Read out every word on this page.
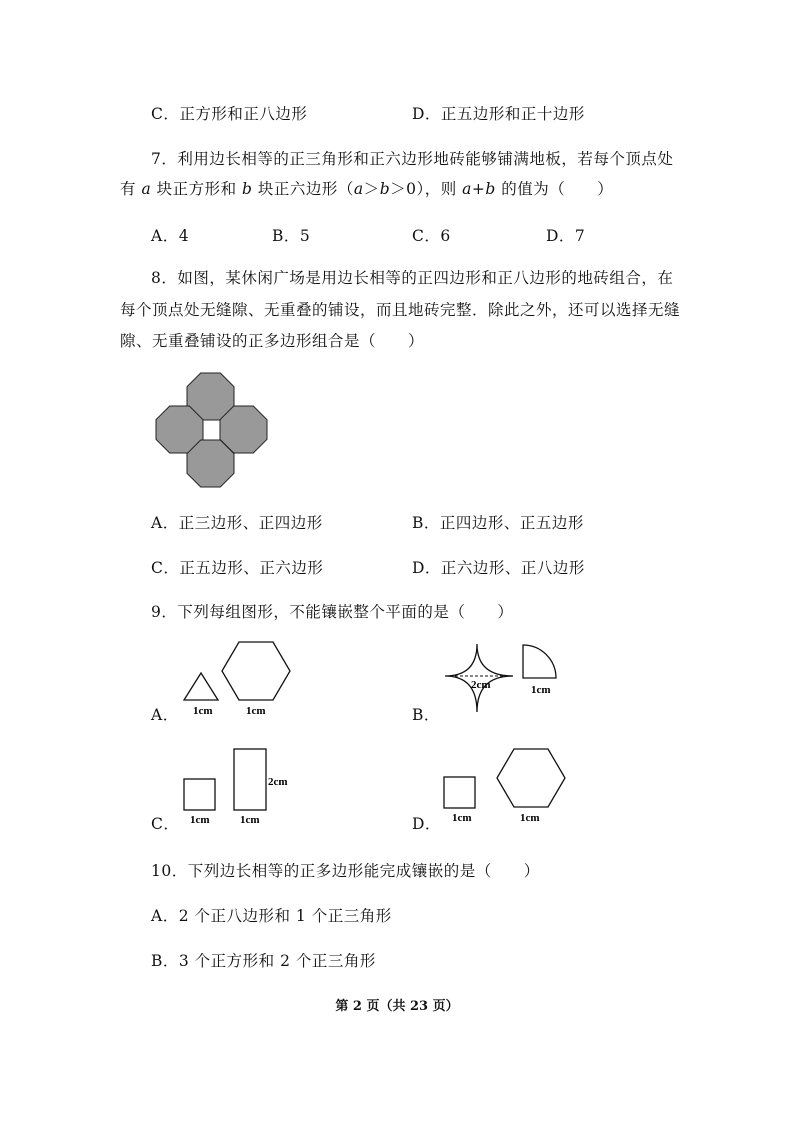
C．正方形和正八边形	D．正五边形和正十边形
7．利用边长相等的正三角形和正六边形地砖能够铺满地板，若每个顶点处
有 a 块正方形和 b 块正六边形（a＞b＞0），则 a+b 的值为（　　）
A．4	B．5	C．6	D．7
8．如图，某休闲广场是用边长相等的正四边形和正八边形的地砖组合，在
每个顶点处无缝隙、无重叠的铺设，而且地砖完整．除此之外，还可以选择无缝
隙、无重叠铺设的正多边形组合是（　　）
A．正三边形、正四边形	B．正四边形、正五边形
C．正五边形、正六边形	D．正六边形、正八边形
9．下列每组图形，不能镶嵌整个平面的是（　　）
A． 1cm	1cm	B．
2cm	1cm
C． 1cm	1cm
2cm
D． 1cm	1cm
10．下列边长相等的正多边形能完成镶嵌的是（　　）
A．2 个正八边形和 1 个正三角形
B．3 个正方形和 2 个正三角形
第 2 页（共 23 页）
